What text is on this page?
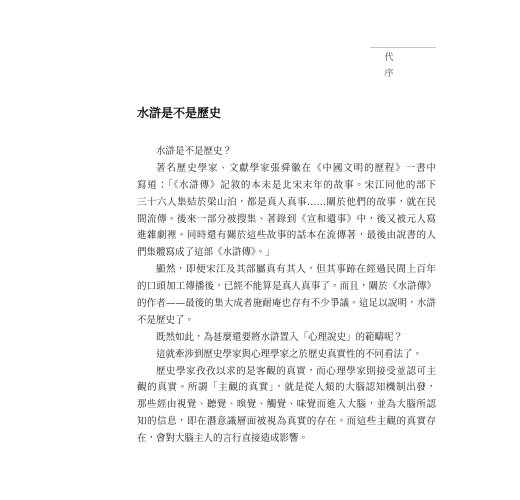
代
序
水滸是不是歷史
水滸是不是歷史？
著名歷史學家、文獻學家張舜徽在《中國文明的歷程》一書中
寫道：「《水滸傳》記敘的本末是北宋末年的故事。宋江同他的部下
三十六人集結於梁山泊，都是真人真事……關於他們的故事，就在民
間流傳。後來一部分被搜集、著錄到《宣和遺事》中，後又被元人寫
進雜劇裡。同時還有關於這些故事的話本在流傳著，最後由說書的人
們集體寫成了這部《水滸傳》。」
顯然，即便宋江及其部屬真有其人，但其事跡在經過民間上百年
的口頭加工傳播後，已經不能算是真人真事了。而且，關於《水滸傳》
的作者——最後的集大成者施耐庵也存有不少爭議。這足以說明，水滸
不是歷史了。
既然如此，為甚麼還要將水滸置入「心理說史」的範疇呢？
這就牽涉到歷史學家與心理學家之於歷史真實性的不同看法了。
歷史學家孜孜以求的是客觀的真實，而心理學家則接受並認可主
觀的真實。所謂「主觀的真實」，就是從人類的大腦認知機制出發，
那些經由視覺、聽覺、嗅覺、觸覺、味覺而進入大腦，並為大腦所認
知的信息，即在潛意識層面被視為真實的存在。而這些主觀的真實存
在，會對大腦主人的言行直接造成影響。
